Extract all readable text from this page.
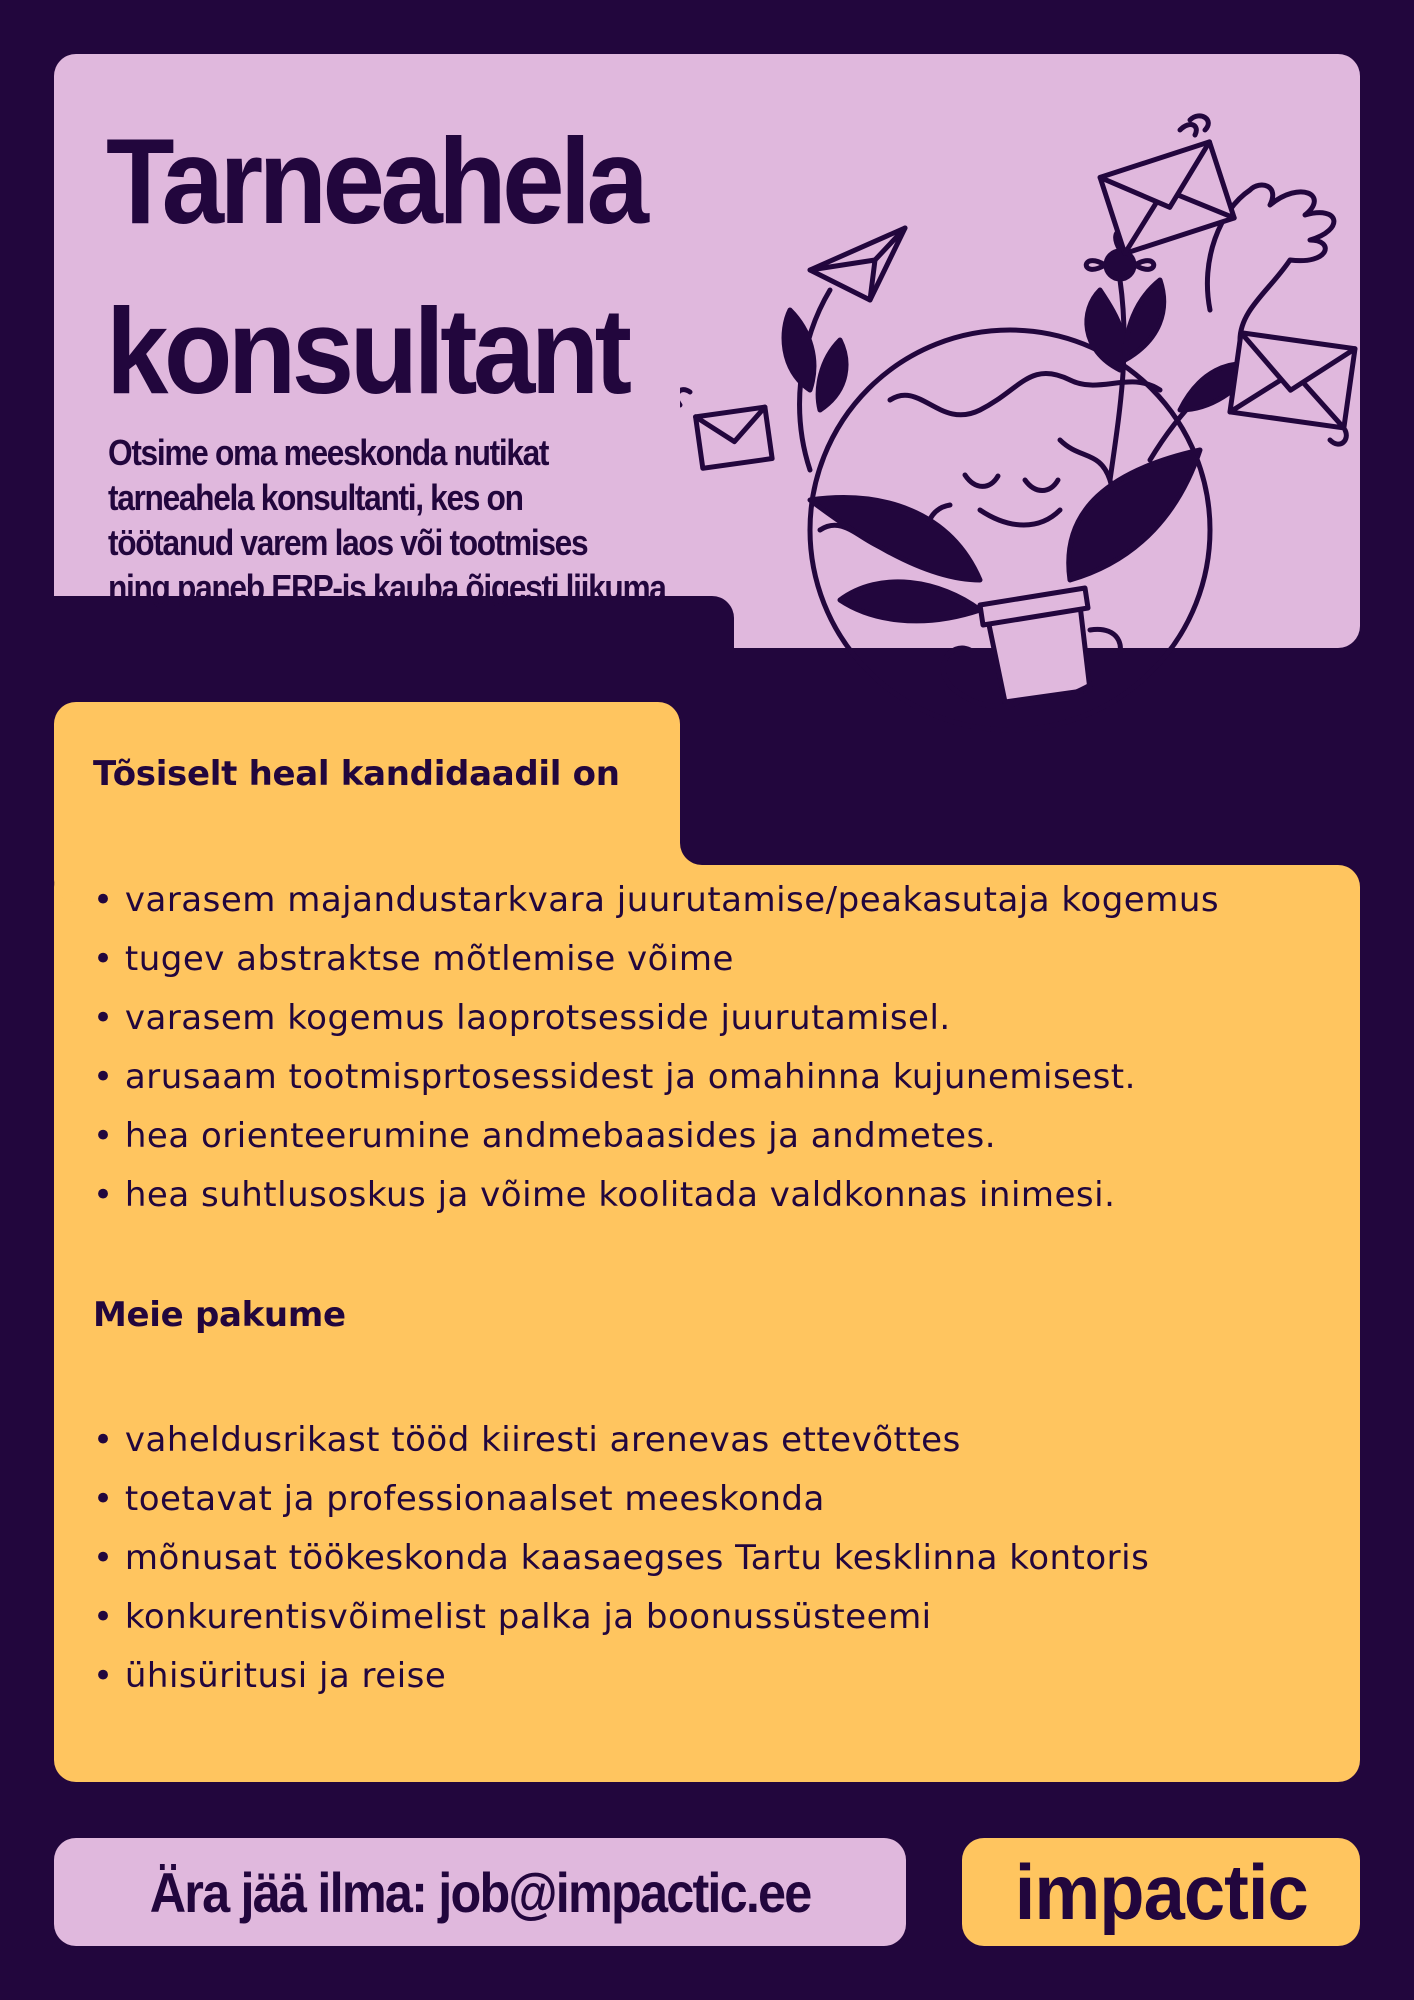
Tarneahela
konsultant

Otsime oma meeskonda nutikat
tarneahela konsultanti, kes on
töötanud varem laos või tootmises
ning paneb ERP-is kauba õigesti liikuma

Tõsiselt heal kandidaadil on
• varasem majandustarkvara juurutamise/peakasutaja kogemus
• tugev abstraktse mõtlemise võime
• varasem kogemus laoprotsesside juurutamisel.
• arusaam tootmisprtosessidest ja omahinna kujunemisest.
• hea orienteerumine andmebaasides ja andmetes.
• hea suhtlusoskus ja võime koolitada valdkonnas inimesi.
Meie pakume
• vaheldusrikast tööd kiiresti arenevas ettevõttes
• toetavat ja professionaalset meeskonda
• mõnusat töökeskonda kaasaegses Tartu kesklinna kontoris
• konkurentisvõimelist palka ja boonussüsteemi
• ühisüritusi ja reise

Ära jää ilma: job@impactic.ee	impactic
